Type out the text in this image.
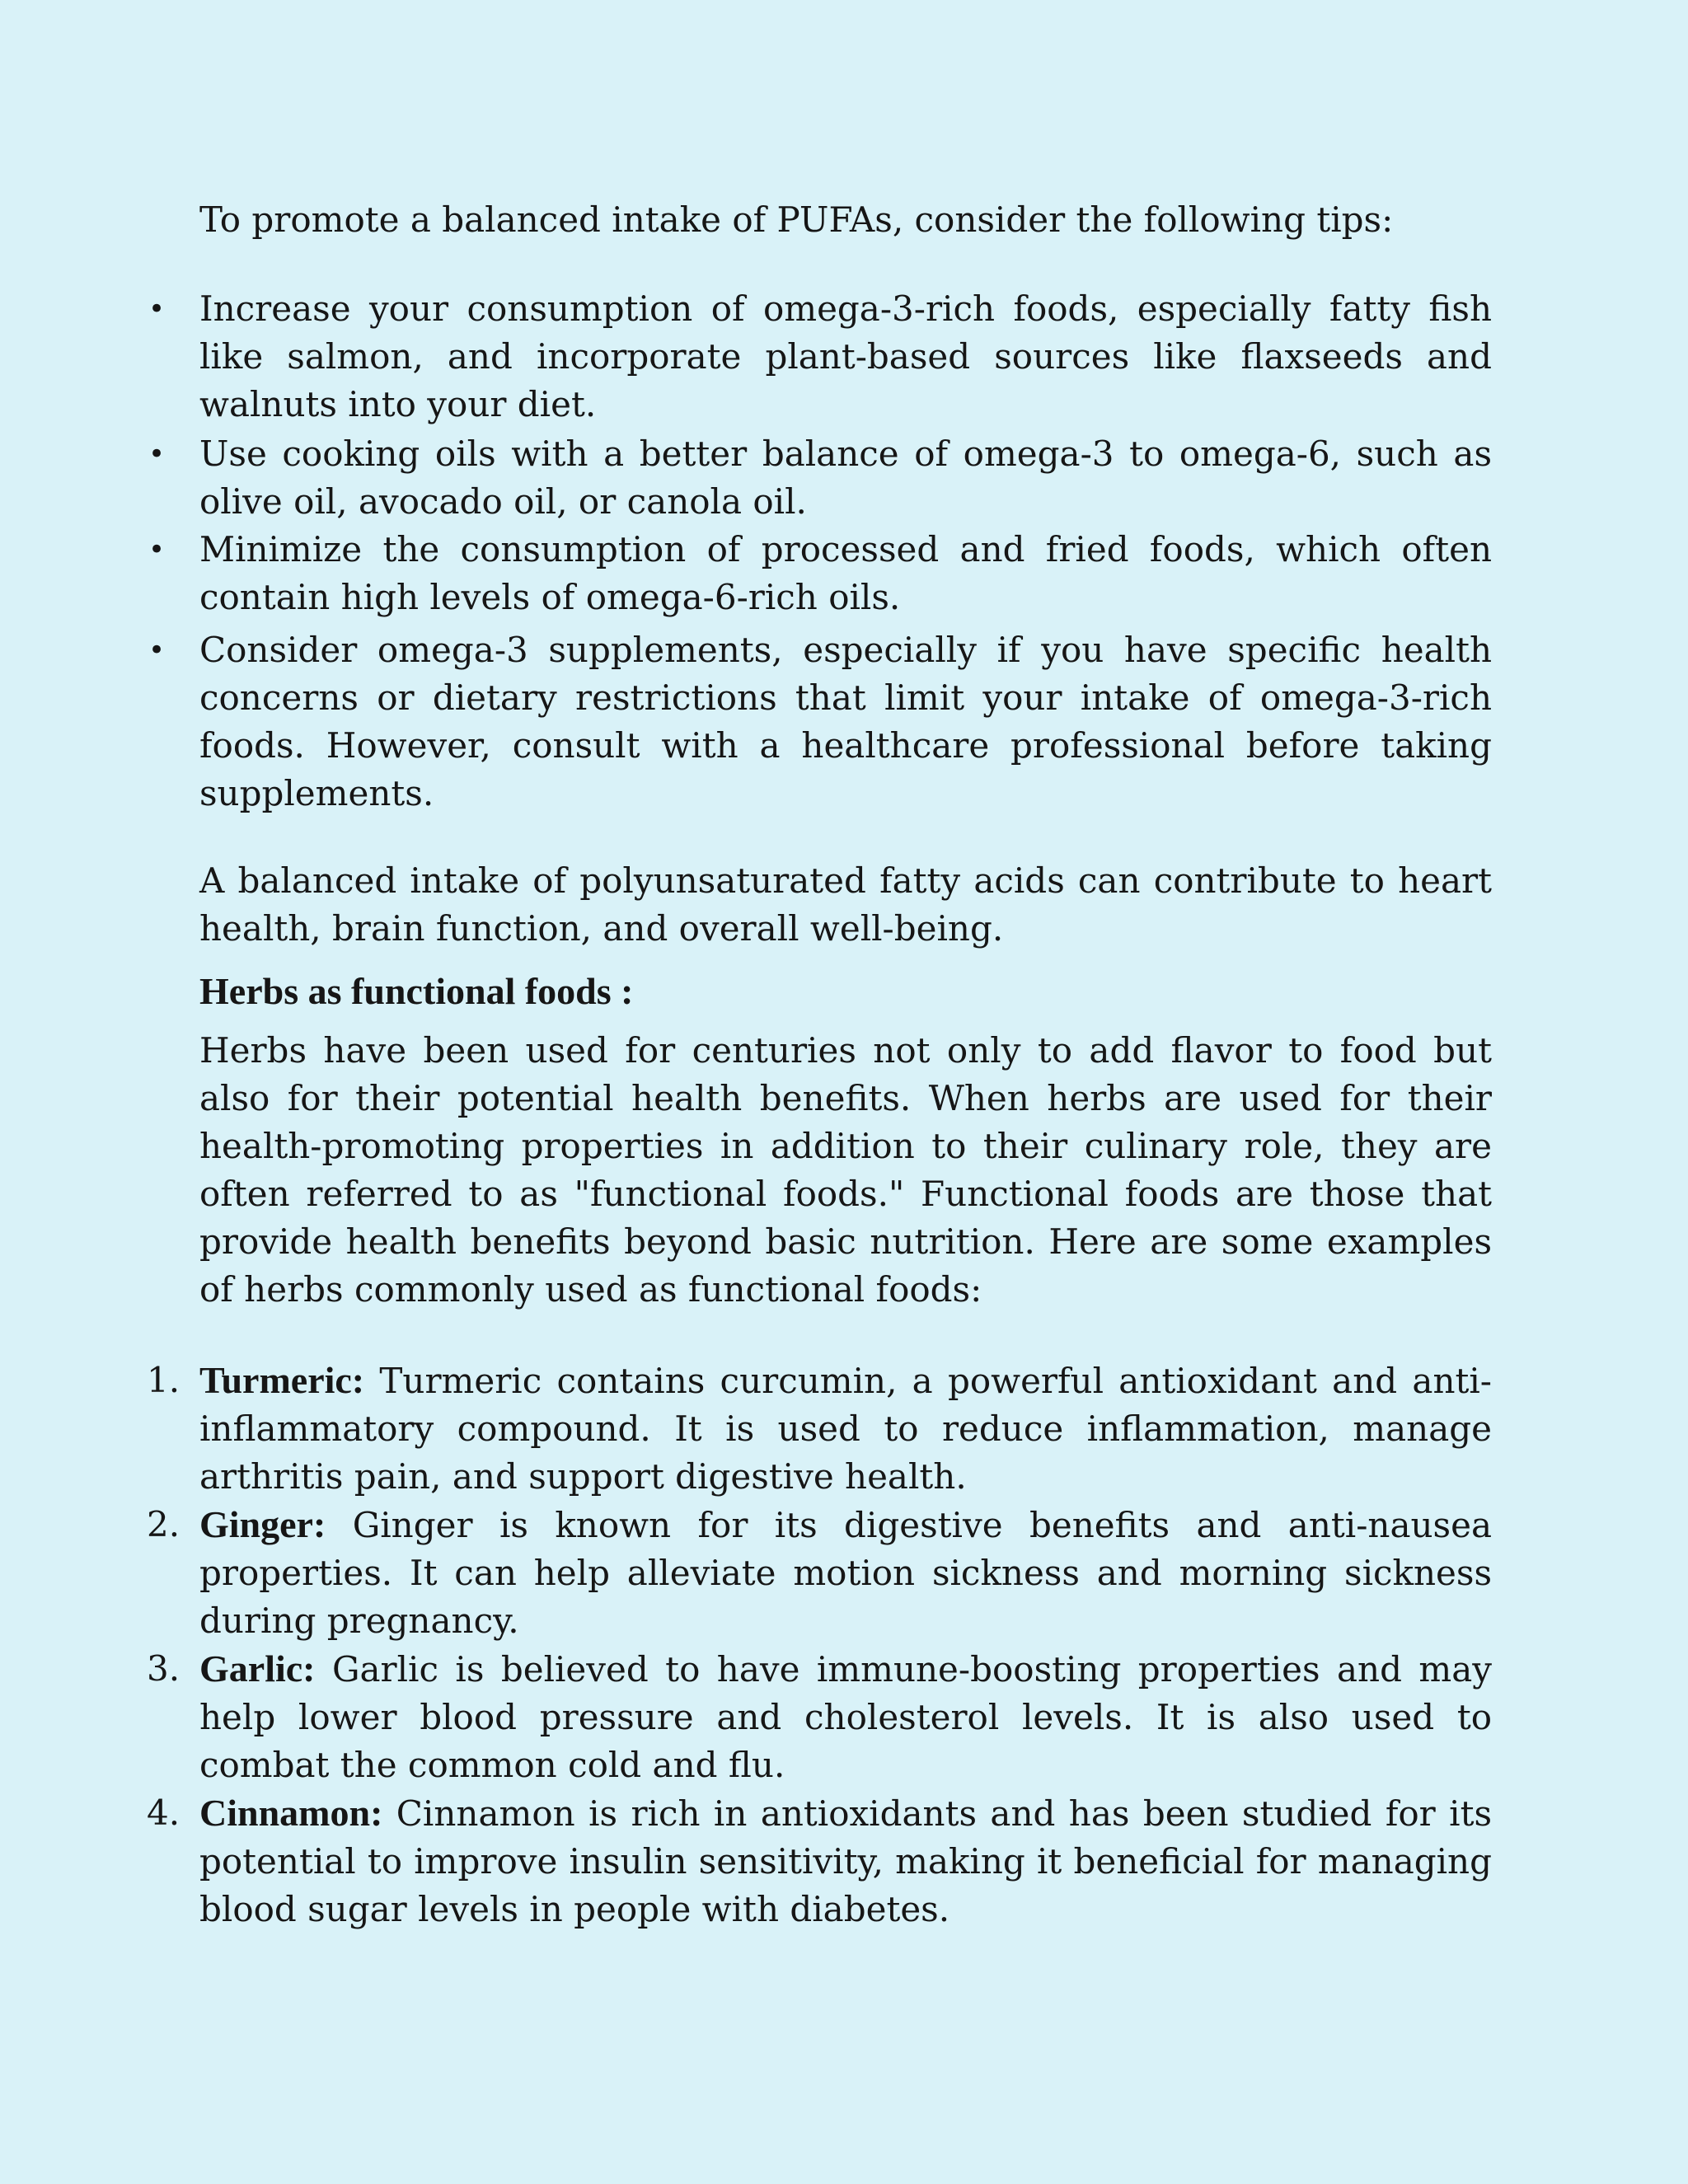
To promote a balanced intake of PUFAs, consider the following tips:

• Increase your consumption of omega-3-rich foods, especially fatty fish like salmon, and incorporate plant-based sources like flaxseeds and walnuts into your diet.
• Use cooking oils with a better balance of omega-3 to omega-6, such as olive oil, avocado oil, or canola oil.
• Minimize the consumption of processed and fried foods, which often contain high levels of omega-6-rich oils.
• Consider omega-3 supplements, especially if you have specific health concerns or dietary restrictions that limit your intake of omega-3-rich foods. However, consult with a healthcare professional before taking supplements.

A balanced intake of polyunsaturated fatty acids can contribute to heart health, brain function, and overall well-being.

Herbs as functional foods :

Herbs have been used for centuries not only to add flavor to food but also for their potential health benefits. When herbs are used for their health-promoting properties in addition to their culinary role, they are often referred to as "functional foods." Functional foods are those that provide health benefits beyond basic nutrition. Here are some examples of herbs commonly used as functional foods:

1. Turmeric: Turmeric contains curcumin, a powerful antioxidant and anti-inflammatory compound. It is used to reduce inflammation, manage arthritis pain, and support digestive health.
2. Ginger: Ginger is known for its digestive benefits and anti-nausea properties. It can help alleviate motion sickness and morning sickness during pregnancy.
3. Garlic: Garlic is believed to have immune-boosting properties and may help lower blood pressure and cholesterol levels. It is also used to combat the common cold and flu.
4. Cinnamon: Cinnamon is rich in antioxidants and has been studied for its potential to improve insulin sensitivity, making it beneficial for managing blood sugar levels in people with diabetes.
